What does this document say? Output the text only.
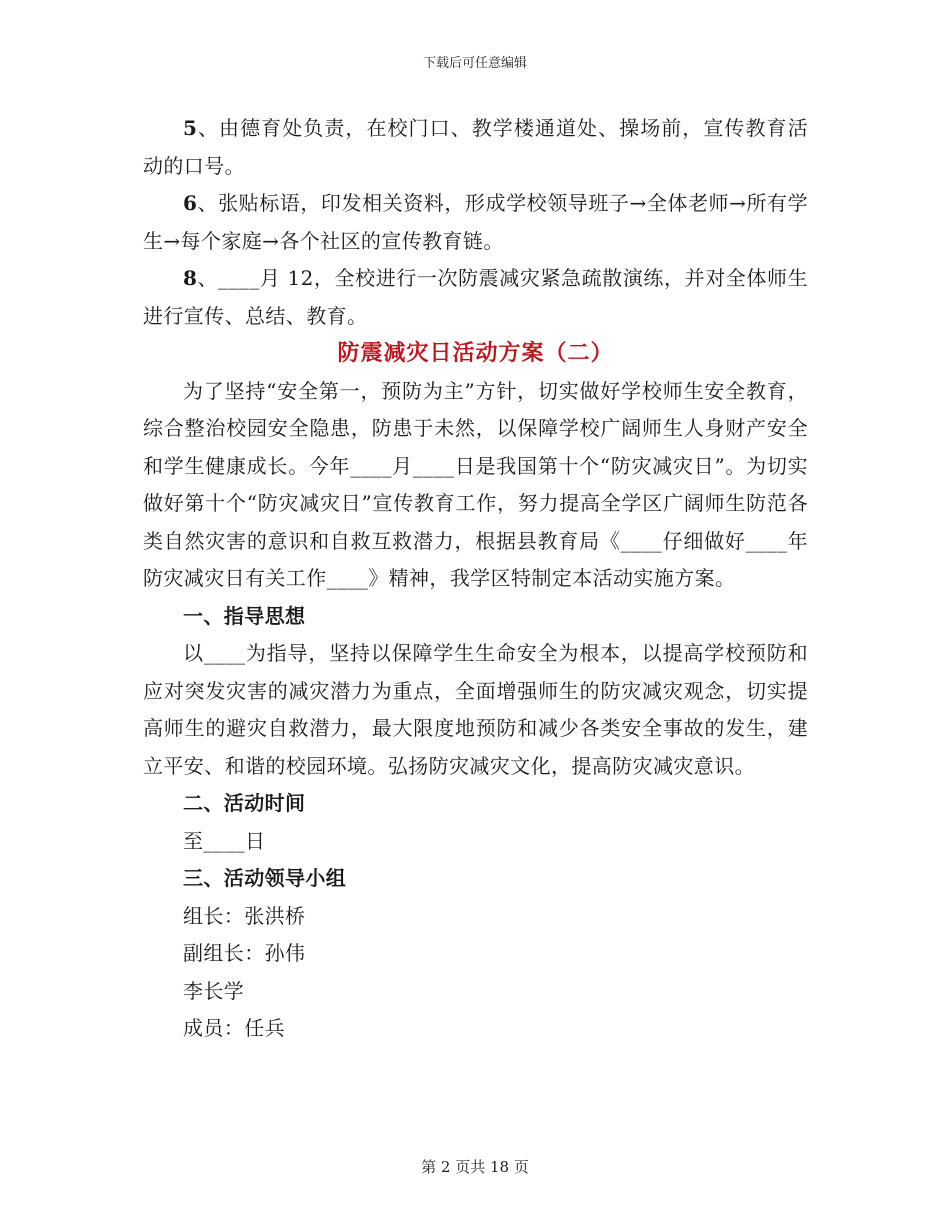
下载后可任意编辑

5、由德育处负责，在校门口、教学楼通道处、操场前，宣传教育活动的口号。

6、张贴标语，印发相关资料，形成学校领导班子→全体老师→所有学生→每个家庭→各个社区的宣传教育链。

8、____月 12，全校进行一次防震减灾紧急疏散演练，并对全体师生进行宣传、总结、教育。

防震减灾日活动方案（二）

为了坚持“安全第一，预防为主”方针，切实做好学校师生安全教育，综合整治校园安全隐患，防患于未然，以保障学校广阔师生人身财产安全和学生健康成长。今年____月____日是我国第十个“防灾减灾日”。为切实做好第十个“防灾减灾日”宣传教育工作，努力提高全学区广阔师生防范各类自然灾害的意识和自救互救潜力，根据县教育局《____仔细做好____年防灾减灾日有关工作____》精神，我学区特制定本活动实施方案。

一、指导思想

以____为指导，坚持以保障学生生命安全为根本，以提高学校预防和应对突发灾害的减灾潜力为重点，全面增强师生的防灾减灾观念，切实提高师生的避灾自救潜力，最大限度地预防和减少各类安全事故的发生，建立平安、和谐的校园环境。弘扬防灾减灾文化，提高防灾减灾意识。

二、活动时间

至____日

三、活动领导小组

组长：张洪桥

副组长：孙伟

李长学

成员：任兵

第 2 页共 18 页
